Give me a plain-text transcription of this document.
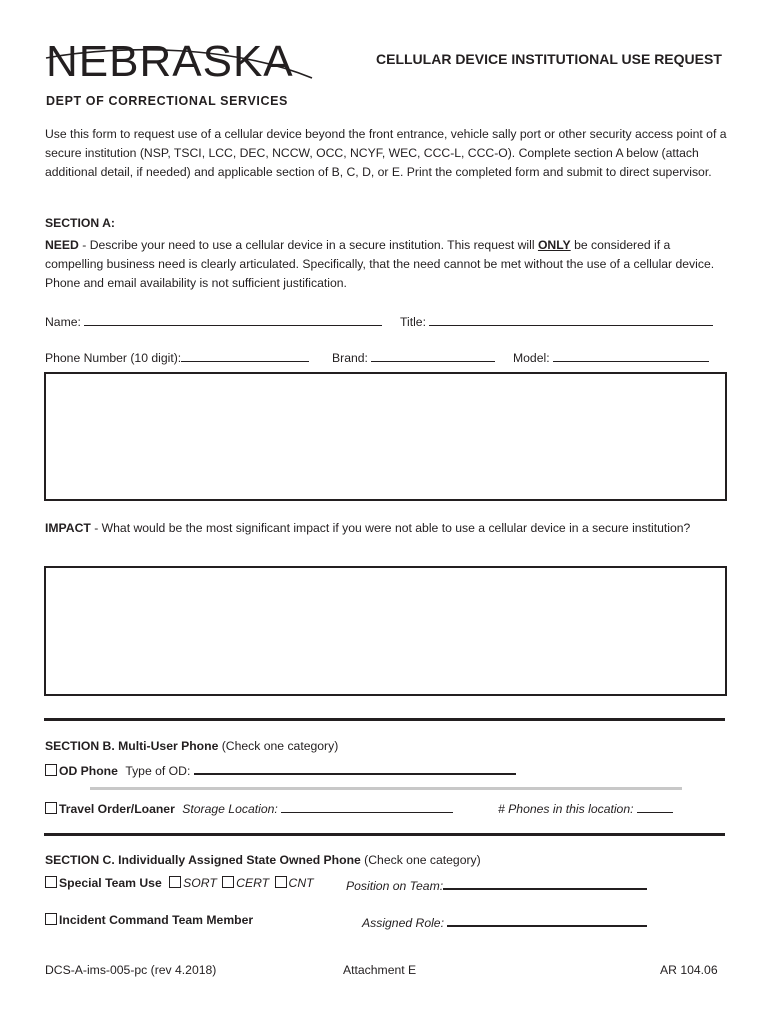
NEBRASKA
DEPT OF CORRECTIONAL SERVICES
CELLULAR DEVICE INSTITUTIONAL USE REQUEST
Use this form to request use of a cellular device beyond the front entrance, vehicle sally port or other security access point of a secure institution (NSP, TSCI, LCC, DEC, NCCW, OCC, NCYF, WEC, CCC-L, CCC-O). Complete section A below (attach additional detail, if needed) and applicable section of B, C, D, or E. Print the completed form and submit to direct supervisor.
SECTION A:
NEED - Describe your need to use a cellular device in a secure institution. This request will ONLY be considered if a compelling business need is clearly articulated. Specifically, that the need cannot be met without the use of a cellular device. Phone and email availability is not sufficient justification.
Name:	Title:
Phone Number (10 digit):	Brand:	Model:
IMPACT - What would be the most significant impact if you were not able to use a cellular device in a secure institution?
SECTION B. Multi-User Phone (Check one category)
OD Phone Type of OD:
Travel Order/Loaner Storage Location:	# Phones in this location:
SECTION C. Individually Assigned State Owned Phone (Check one category)
Special Team Use SORT CERT CNT	Position on Team:
Incident Command Team Member	Assigned Role:
DCS-A-ims-005-pc (rev 4.2018)	Attachment E	AR 104.06
